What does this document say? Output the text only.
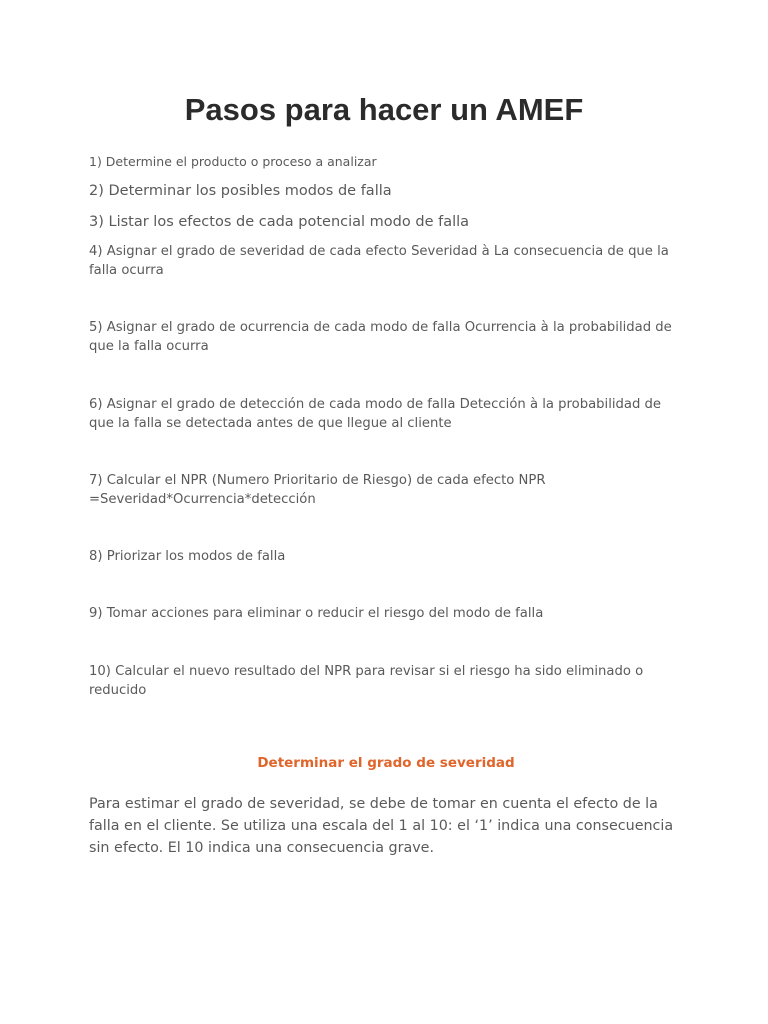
Pasos para hacer un AMEF

1) Determine el producto o proceso a analizar

2) Determinar los posibles modos de falla

3) Listar los efectos de cada potencial modo de falla

4) Asignar el grado de severidad de cada efecto Severidad à La consecuencia de que la falla ocurra

5) Asignar el grado de ocurrencia de cada modo de falla Ocurrencia à la probabilidad de que la falla ocurra

6) Asignar el grado de detección de cada modo de falla Detección à la probabilidad de que la falla se detectada antes de que llegue al cliente

7) Calcular el NPR (Numero Prioritario de Riesgo) de cada efecto NPR =Severidad*Ocurrencia*detección

8) Priorizar los modos de falla

9) Tomar acciones para eliminar o reducir el riesgo del modo de falla

10) Calcular el nuevo resultado del NPR para revisar si el riesgo ha sido eliminado o reducido

Determinar el grado de severidad

Para estimar el grado de severidad, se debe de tomar en cuenta el efecto de la falla en el cliente. Se utiliza una escala del 1 al 10: el ‘1’ indica una consecuencia sin efecto. El 10 indica una consecuencia grave.
